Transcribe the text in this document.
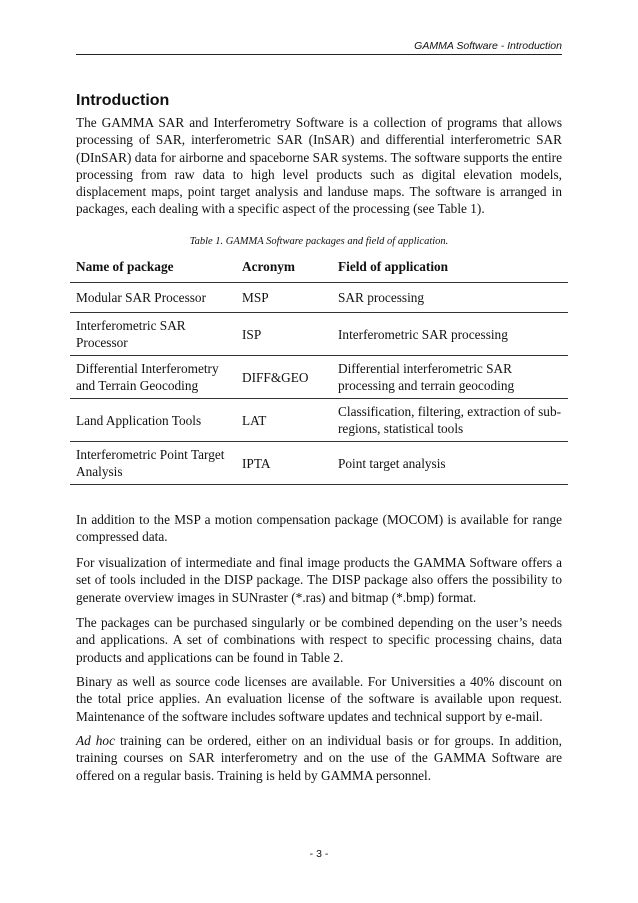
GAMMA Software - Introduction
Introduction

The GAMMA SAR and Interferometry Software is a collection of programs that allows processing of SAR, interferometric SAR (InSAR) and differential interferometric SAR (DInSAR) data for airborne and spaceborne SAR systems. The software supports the entire processing from raw data to high level products such as digital elevation models, displacement maps, point target analysis and landuse maps. The software is arranged in packages, each dealing with a specific aspect of the processing (see Table 1).

Table 1. GAMMA Software packages and field of application.
Name of package	Acronym	Field of application
Modular SAR Processor	MSP	SAR processing
Interferometric SAR Processor	ISP	Interferometric SAR processing
Differential Interferometry and Terrain Geocoding	DIFF&GEO	Differential interferometric SAR processing and terrain geocoding
Land Application Tools	LAT	Classification, filtering, extraction of sub-regions, statistical tools
Interferometric Point Target Analysis	IPTA	Point target analysis

In addition to the MSP a motion compensation package (MOCOM) is available for range compressed data.

For visualization of intermediate and final image products the GAMMA Software offers a set of tools included in the DISP package. The DISP package also offers the possibility to generate overview images in SUNraster (*.ras) and bitmap (*.bmp) format.

The packages can be purchased singularly or be combined depending on the user’s needs and applications. A set of combinations with respect to specific processing chains, data products and applications can be found in Table 2.

Binary as well as source code licenses are available. For Universities a 40% discount on the total price applies. An evaluation license of the software is available upon request. Maintenance of the software includes software updates and technical support by e-mail.

Ad hoc training can be ordered, either on an individual basis or for groups. In addition, training courses on SAR interferometry and on the use of the GAMMA Software are offered on a regular basis. Training is held by GAMMA personnel.

- 3 -
